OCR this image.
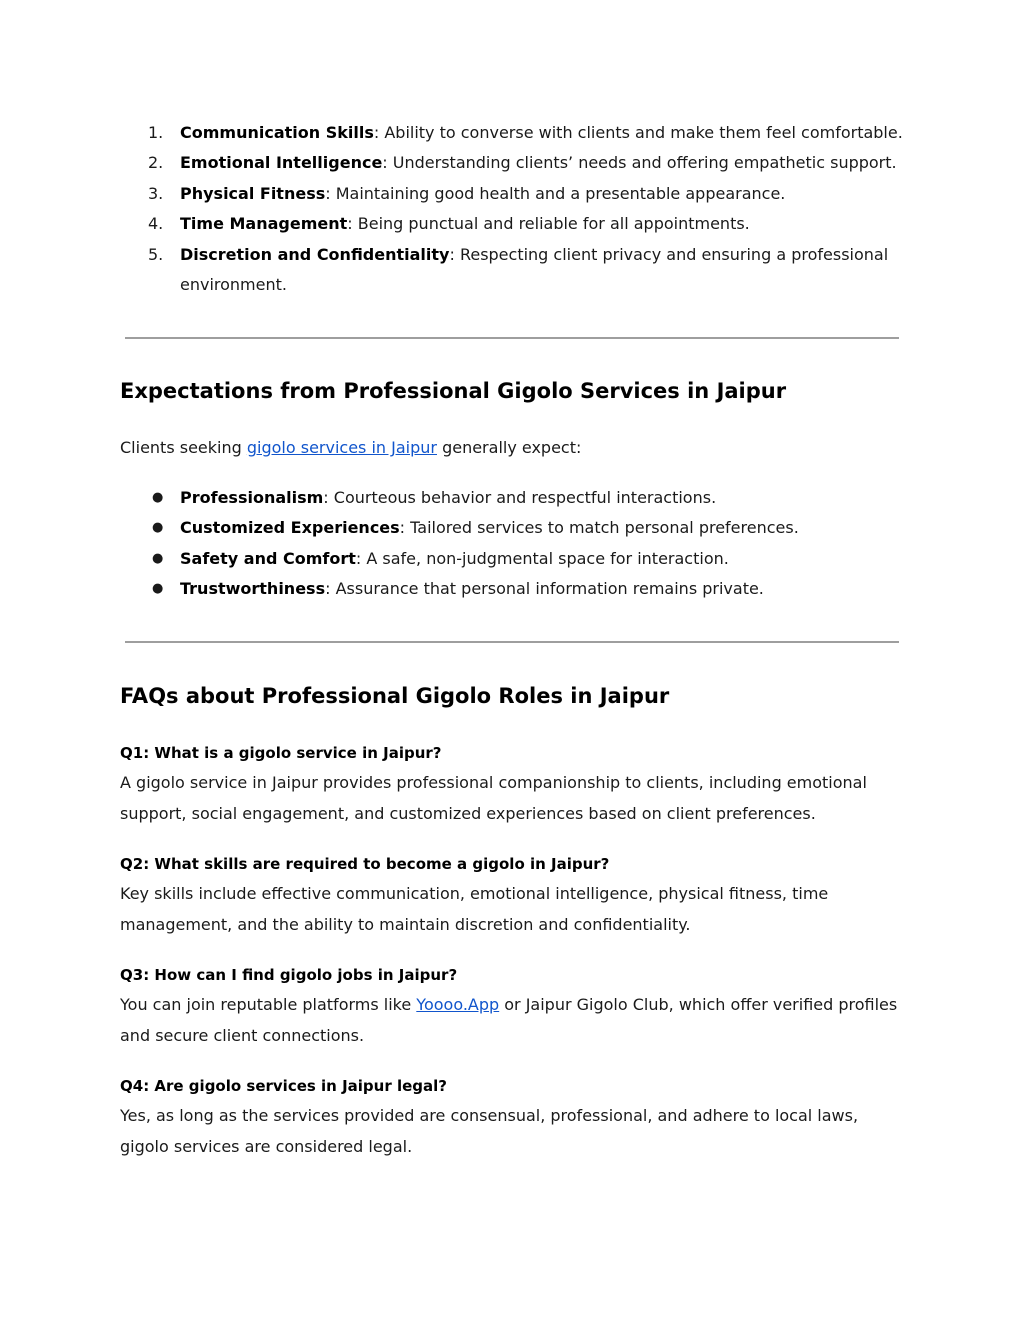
1. Communication Skills: Ability to converse with clients and make them feel comfortable.
2. Emotional Intelligence: Understanding clients’ needs and offering empathetic support.
3. Physical Fitness: Maintaining good health and a presentable appearance.
4. Time Management: Being punctual and reliable for all appointments.
5. Discretion and Confidentiality: Respecting client privacy and ensuring a professional environment.
Expectations from Professional Gigolo Services in Jaipur

Clients seeking gigolo services in Jaipur generally expect:

● Professionalism: Courteous behavior and respectful interactions.
● Customized Experiences: Tailored services to match personal preferences.
● Safety and Comfort: A safe, non-judgmental space for interaction.
● Trustworthiness: Assurance that personal information remains private.
FAQs about Professional Gigolo Roles in Jaipur

Q1: What is a gigolo service in Jaipur?

A gigolo service in Jaipur provides professional companionship to clients, including emotional support, social engagement, and customized experiences based on client preferences.

Q2: What skills are required to become a gigolo in Jaipur?

Key skills include effective communication, emotional intelligence, physical fitness, time management, and the ability to maintain discretion and confidentiality.

Q3: How can I find gigolo jobs in Jaipur?

You can join reputable platforms like Yoooo.App or Jaipur Gigolo Club, which offer verified profiles and secure client connections.

Q4: Are gigolo services in Jaipur legal?

Yes, as long as the services provided are consensual, professional, and adhere to local laws, gigolo services are considered legal.
